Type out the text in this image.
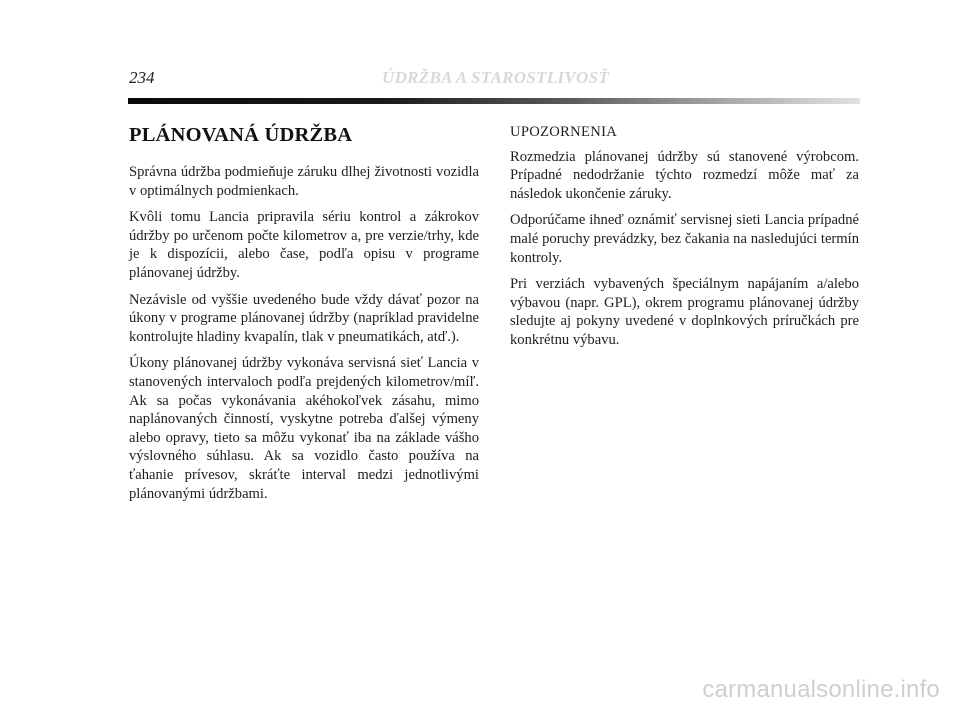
234	ÚDRŽBA A STAROSTLIVOSŤ
PLÁNOVANÁ ÚDRŽBA

Správna údržba podmieňuje záruku dlhej životnosti vozidla v optimálnych podmienkach.

Kvôli tomu Lancia pripravila sériu kontrol a zákrokov údržby po určenom počte kilometrov a, pre verzie/trhy, kde je k dispozícii, alebo čase, podľa opisu v programe plánovanej údržby.

Nezávisle od vyššie uvedeného bude vždy dávať pozor na úkony v programe plánovanej údržby (napríklad pravidelne kontrolujte hladiny kvapalín, tlak v pneumatikách, atď.).

Úkony plánovanej údržby vykonáva servisná sieť Lancia v stanovených intervaloch podľa prejdených kilometrov/míľ. Ak sa počas vykonávania akéhokoľvek zásahu, mimo naplánovaných činností, vyskytne potreba ďalšej výmeny alebo opravy, tieto sa môžu vykonať iba na základe vášho výslovného súhlasu. Ak sa vozidlo často používa na ťahanie prívesov, skráťte interval medzi jednotlivými plánovanými údržbami.

UPOZORNENIA

Rozmedzia plánovanej údržby sú stanovené výrobcom. Prípadné nedodržanie týchto rozmedzí môže mať za následok ukončenie záruky.

Odporúčame ihneď oznámiť servisnej sieti Lancia prípadné malé poruchy prevádzky, bez čakania na nasledujúci termín kontroly.

Pri verziách vybavených špeciálnym napájaním a/alebo výbavou (napr. GPL), okrem programu plánovanej údržby sledujte aj pokyny uvedené v doplnkových príručkách pre konkrétnu výbavu.

carmanualsonline.info
